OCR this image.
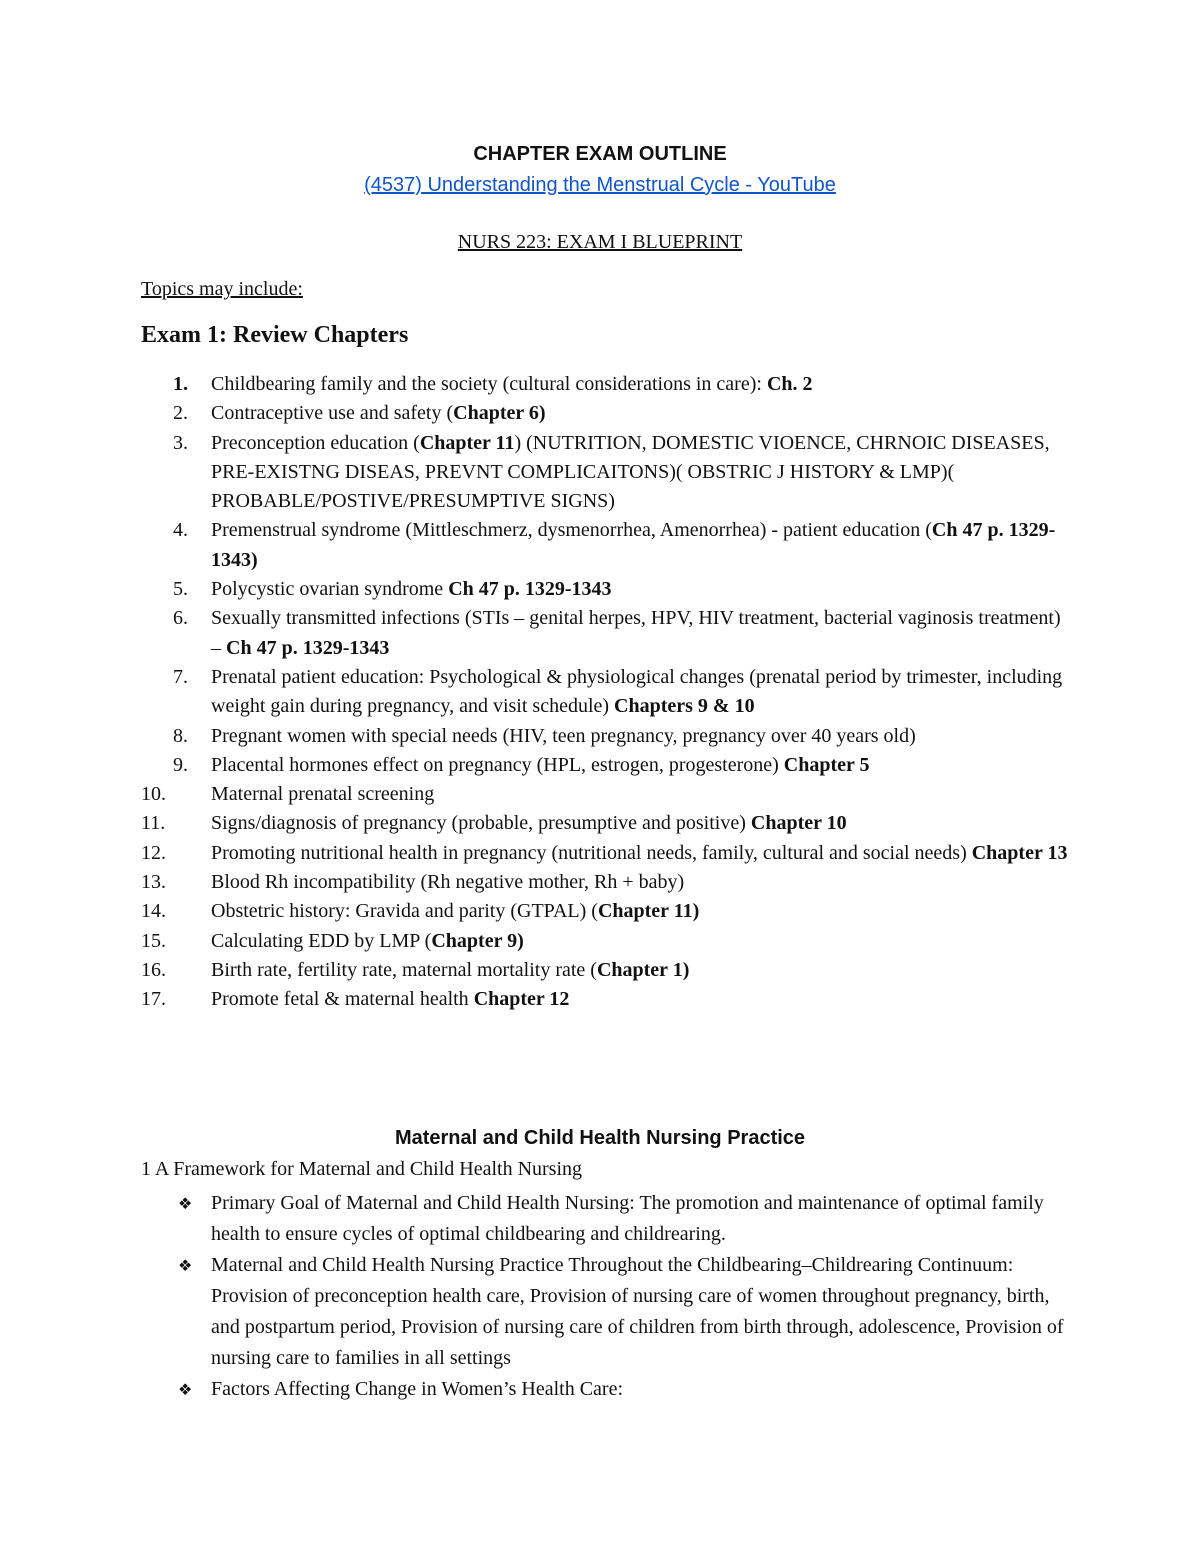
CHAPTER EXAM OUTLINE
(4537) Understanding the Menstrual Cycle - YouTube
NURS 223: EXAM I BLUEPRINT
Topics may include:
Exam 1: Review Chapters
1.	Childbearing family and the society (cultural considerations in care): Ch. 2
2.	Contraceptive use and safety (Chapter 6)
3.	Preconception education (Chapter 11) (NUTRITION, DOMESTIC VIOENCE, CHRNOIC DISEASES, PRE-EXISTNG DISEAS, PREVNT COMPLICAITONS)( OBSTRIC J HISTORY & LMP)( PROBABLE/POSTIVE/PRESUMPTIVE SIGNS)
4.	Premenstrual syndrome (Mittleschmerz, dysmenorrhea, Amenorrhea) - patient education (Ch 47 p. 1329-1343)
5.	Polycystic ovarian syndrome Ch 47 p. 1329-1343
6.	Sexually transmitted infections (STIs – genital herpes, HPV, HIV treatment, bacterial vaginosis treatment) – Ch 47 p. 1329-1343
7.	Prenatal patient education: Psychological & physiological changes (prenatal period by trimester, including weight gain during pregnancy, and visit schedule) Chapters 9 & 10
8.	Pregnant women with special needs (HIV, teen pregnancy, pregnancy over 40 years old)
9.	Placental hormones effect on pregnancy (HPL, estrogen, progesterone) Chapter 5
10.	Maternal prenatal screening
11.	Signs/diagnosis of pregnancy (probable, presumptive and positive) Chapter 10
12.	Promoting nutritional health in pregnancy (nutritional needs, family, cultural and social needs) Chapter 13
13.	Blood Rh incompatibility (Rh negative mother, Rh + baby)
14.	Obstetric history: Gravida and parity (GTPAL) (Chapter 11)
15.	Calculating EDD by LMP (Chapter 9)
16.	Birth rate, fertility rate, maternal mortality rate (Chapter 1)
17.	Promote fetal & maternal health Chapter 12
Maternal and Child Health Nursing Practice
1 A Framework for Maternal and Child Health Nursing
❖ Primary Goal of Maternal and Child Health Nursing: The promotion and maintenance of optimal family health to ensure cycles of optimal childbearing and childrearing.
❖ Maternal and Child Health Nursing Practice Throughout the Childbearing–Childrearing Continuum: Provision of preconception health care, Provision of nursing care of women throughout pregnancy, birth, and postpartum period, Provision of nursing care of children from birth through, adolescence, Provision of nursing care to families in all settings
❖ Factors Affecting Change in Women’s Health Care:
